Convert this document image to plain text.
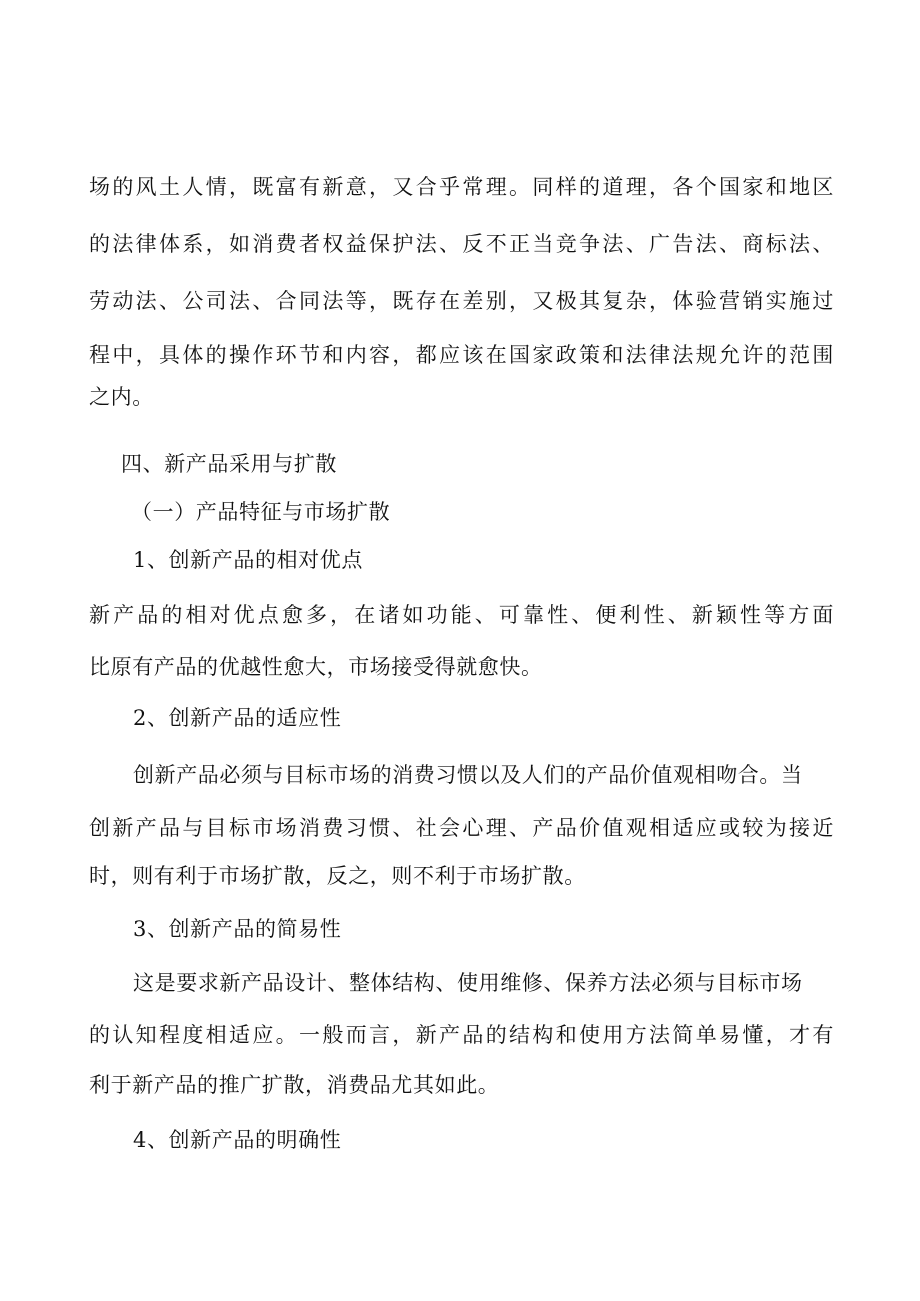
场的风土人情，既富有新意，又合乎常理。同样的道理，各个国家和地区
的法律体系，如消费者权益保护法、反不正当竞争法、广告法、商标法、
劳动法、公司法、合同法等，既存在差别，又极其复杂，体验营销实施过
程中，具体的操作环节和内容，都应该在国家政策和法律法规允许的范围
之内。
四、新产品采用与扩散
（一）产品特征与市场扩散
1、创新产品的相对优点
新产品的相对优点愈多，在诸如功能、可靠性、便利性、新颖性等方面
比原有产品的优越性愈大，市场接受得就愈快。
2、创新产品的适应性
创新产品必须与目标市场的消费习惯以及人们的产品价值观相吻合。当
创新产品与目标市场消费习惯、社会心理、产品价值观相适应或较为接近
时，则有利于市场扩散，反之，则不利于市场扩散。
3、创新产品的简易性
这是要求新产品设计、整体结构、使用维修、保养方法必须与目标市场
的认知程度相适应。一般而言，新产品的结构和使用方法简单易懂，才有
利于新产品的推广扩散，消费品尤其如此。
4、创新产品的明确性
